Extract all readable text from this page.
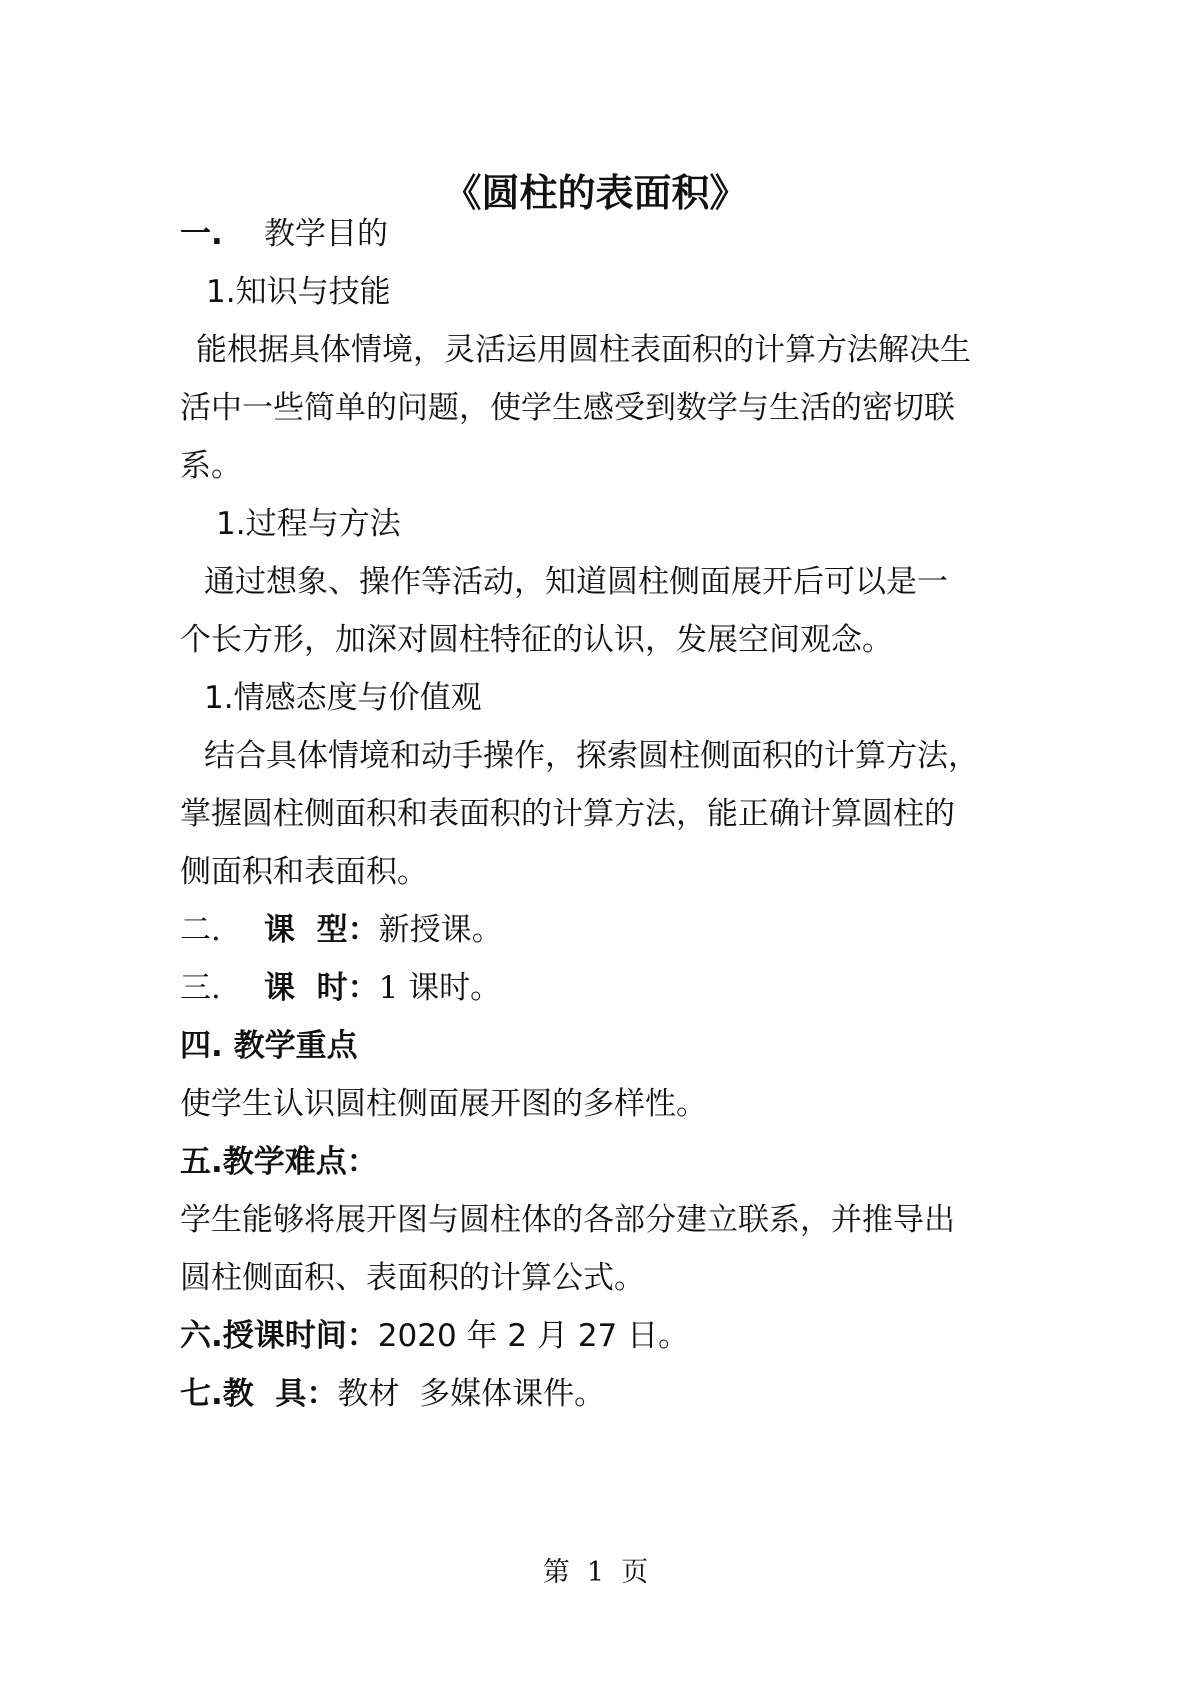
《圆柱的表面积》
一. 教学目的
1.知识与技能
能根据具体情境，灵活运用圆柱表面积的计算方法解决生
活中一些简单的问题，使学生感受到数学与生活的密切联
系。
1.过程与方法
通过想象、操作等活动，知道圆柱侧面展开后可以是一
个长方形，加深对圆柱特征的认识，发展空间观念。
1.情感态度与价值观
结合具体情境和动手操作，探索圆柱侧面积的计算方法，
掌握圆柱侧面积和表面积的计算方法，能正确计算圆柱的
侧面积和表面积。
二. 课  型：新授课。
三. 课  时：1 课时。
四. 教学重点
使学生认识圆柱侧面展开图的多样性。
五.教学难点：
学生能够将展开图与圆柱体的各部分建立联系，并推导出
圆柱侧面积、表面积的计算公式。
六.授课时间：2020 年 2 月 27 日。
七.教  具：教材  多媒体课件。
第  1  页
